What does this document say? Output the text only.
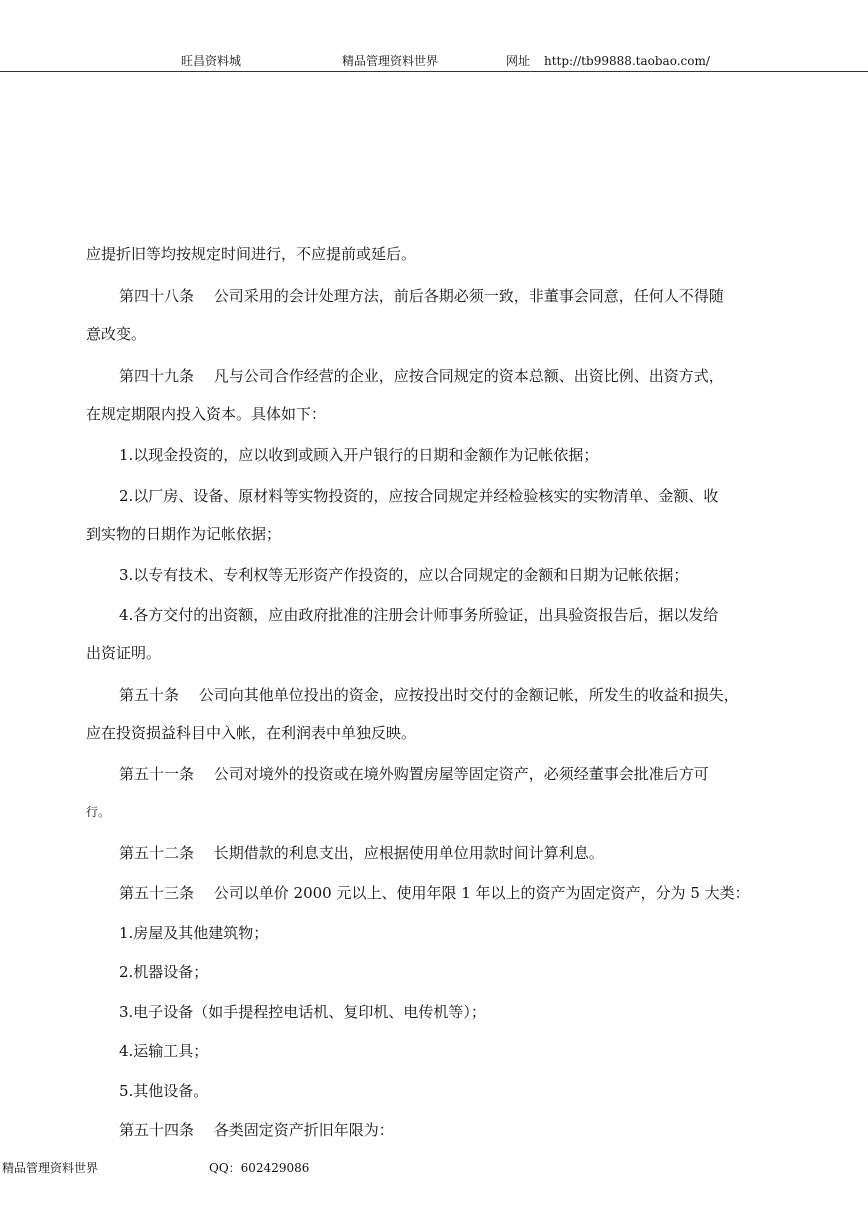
旺昌资料城	精品管理资料世界	网址 http://tb99888.taobao.com/
应提折旧等均按规定时间进行，不应提前或延后。
第四十八条　 公司采用的会计处理方法，前后各期必须一致，非董事会同意，任何人不得随
意改变。
第四十九条　 凡与公司合作经营的企业，应按合同规定的资本总额、出资比例、出资方式，
在规定期限内投入资本。具体如下：
1.以现金投资的，应以收到或顾入开户银行的日期和金额作为记帐依据；
2.以厂房、设备、原材料等实物投资的，应按合同规定并经检验核实的实物清单、金额、收
到实物的日期作为记帐依据；
3.以专有技术、专利权等无形资产作投资的，应以合同规定的金额和日期为记帐依据；
4.各方交付的出资额，应由政府批准的注册会计师事务所验证，出具验资报告后，据以发给
出资证明。
第五十条　 公司向其他单位投出的资金，应按投出时交付的金额记帐，所发生的收益和损失，
应在投资损益科目中入帐，在利润表中单独反映。
第五十一条　 公司对境外的投资或在境外购置房屋等固定资产，必须经董事会批准后方可
行。
第五十二条　 长期借款的利息支出，应根据使用单位用款时间计算利息。
第五十三条　 公司以单价 2000 元以上、使用年限 1 年以上的资产为固定资产，分为 5 大类：
1.房屋及其他建筑物；
2.机器设备；
3.电子设备（如手提程控电话机、复印机、电传机等）；
4.运输工具；
5.其他设备。
第五十四条　 各类固定资产折旧年限为：
精品管理资料世界	QQ：602429086
